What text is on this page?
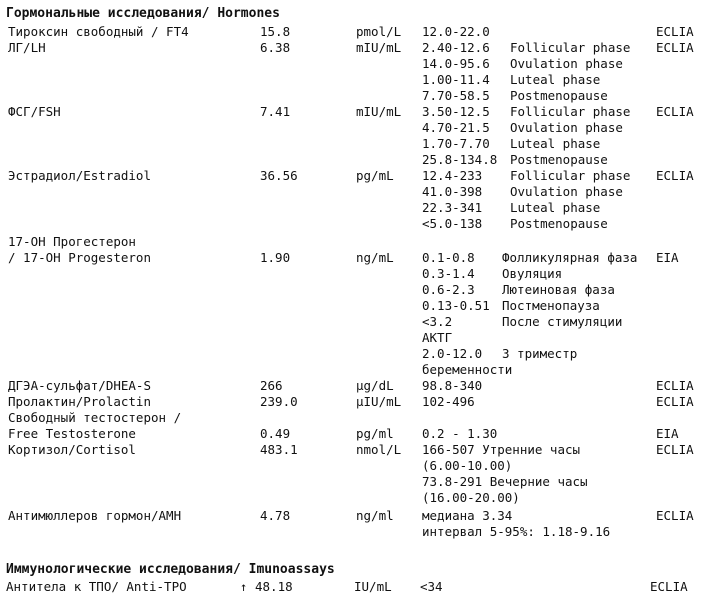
Гормональные исследования/ Hormones
Тироксин свободный / FT4	15.8	pmol/L 12.0-22.0	ECLIA
ЛГ/LH	6.38	mIU/mL 2.40-12.6 Follicular phase ECLIA
14.0-95.6 Ovulation phase
1.00-11.4 Luteal phase
7.70-58.5 Postmenopause
ФСГ/FSH	7.41	mIU/mL 3.50-12.5 Follicular phase ECLIA
4.70-21.5 Ovulation phase
1.70-7.70 Luteal phase
25.8-134.8 Postmenopause
Эстрадиол/Estradiol	36.56	pg/mL 12.4-233 Follicular phase ECLIA
41.0-398 Ovulation phase
22.3-341 Luteal phase
<5.0-138 Postmenopause
17-ОН Прогестерон
/ 17-OH Progesteron	1.90	ng/mL 0.1-0.8 Фолликулярная фаза EIA
0.3-1.4 Овуляция
0.6-2.3 Лютеиновая фаза
0.13-0.51 Постменопауза
<3.2	После стимуляции
АКТГ
2.0-12.0 3 триместр
беременности
ДГЭА-сульфат/DHEA-S	266	µg/dL 98.8-340	ECLIA
Пролактин/Prolactin	239.0	µIU/mL 102-496	ECLIA
Свободный тестостерон /
Free Testosterone	0.49	pg/ml 0.2 - 1.30	EIA
Кортизол/Cortisol	483.1	nmol/L 166-507 Утренние часы	ECLIA
(6.00-10.00)
73.8-291 Вечерние часы
(16.00-20.00)
Антимюллеров гормон/AMH	4.78	ng/ml медиана 3.34	ECLIA
интервал 5-95%: 1.18-9.16
Иммунологические исследования/ Imunoassays
Антитела к ТПО/ Anti-TPO	↑ 48.18	IU/mL <34	ECLIA
